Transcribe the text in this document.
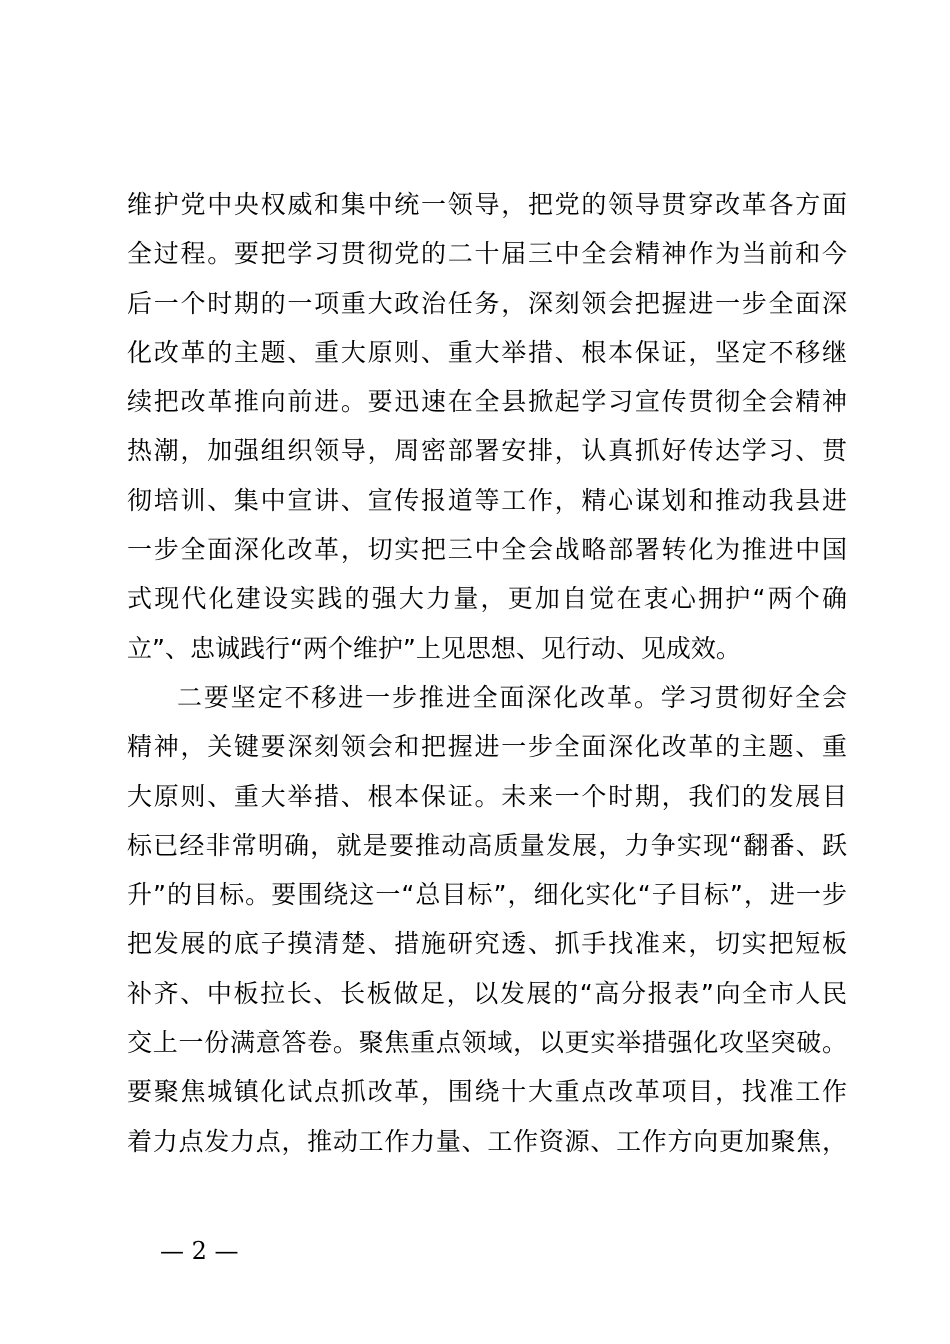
维护党中央权威和集中统一领导，把党的领导贯穿改革各方面
全过程。要把学习贯彻党的二十届三中全会精神作为当前和今
后一个时期的一项重大政治任务，深刻领会把握进一步全面深
化改革的主题、重大原则、重大举措、根本保证，坚定不移继
续把改革推向前进。要迅速在全县掀起学习宣传贯彻全会精神
热潮，加强组织领导，周密部署安排，认真抓好传达学习、贯
彻培训、集中宣讲、宣传报道等工作，精心谋划和推动我县进
一步全面深化改革，切实把三中全会战略部署转化为推进中国
式现代化建设实践的强大力量，更加自觉在衷心拥护“两个确
立”、忠诚践行“两个维护”上见思想、见行动、见成效。
二要坚定不移进一步推进全面深化改革。学习贯彻好全会
精神，关键要深刻领会和把握进一步全面深化改革的主题、重
大原则、重大举措、根本保证。未来一个时期，我们的发展目
标已经非常明确，就是要推动高质量发展，力争实现“翻番、跃
升”的目标。要围绕这一“总目标”，细化实化“子目标”，进一步
把发展的底子摸清楚、措施研究透、抓手找准来，切实把短板
补齐、中板拉长、长板做足，以发展的“高分报表”向全市人民
交上一份满意答卷。聚焦重点领域，以更实举措强化攻坚突破。
要聚焦城镇化试点抓改革，围绕十大重点改革项目，找准工作
着力点发力点，推动工作力量、工作资源、工作方向更加聚焦，
— 2 —
